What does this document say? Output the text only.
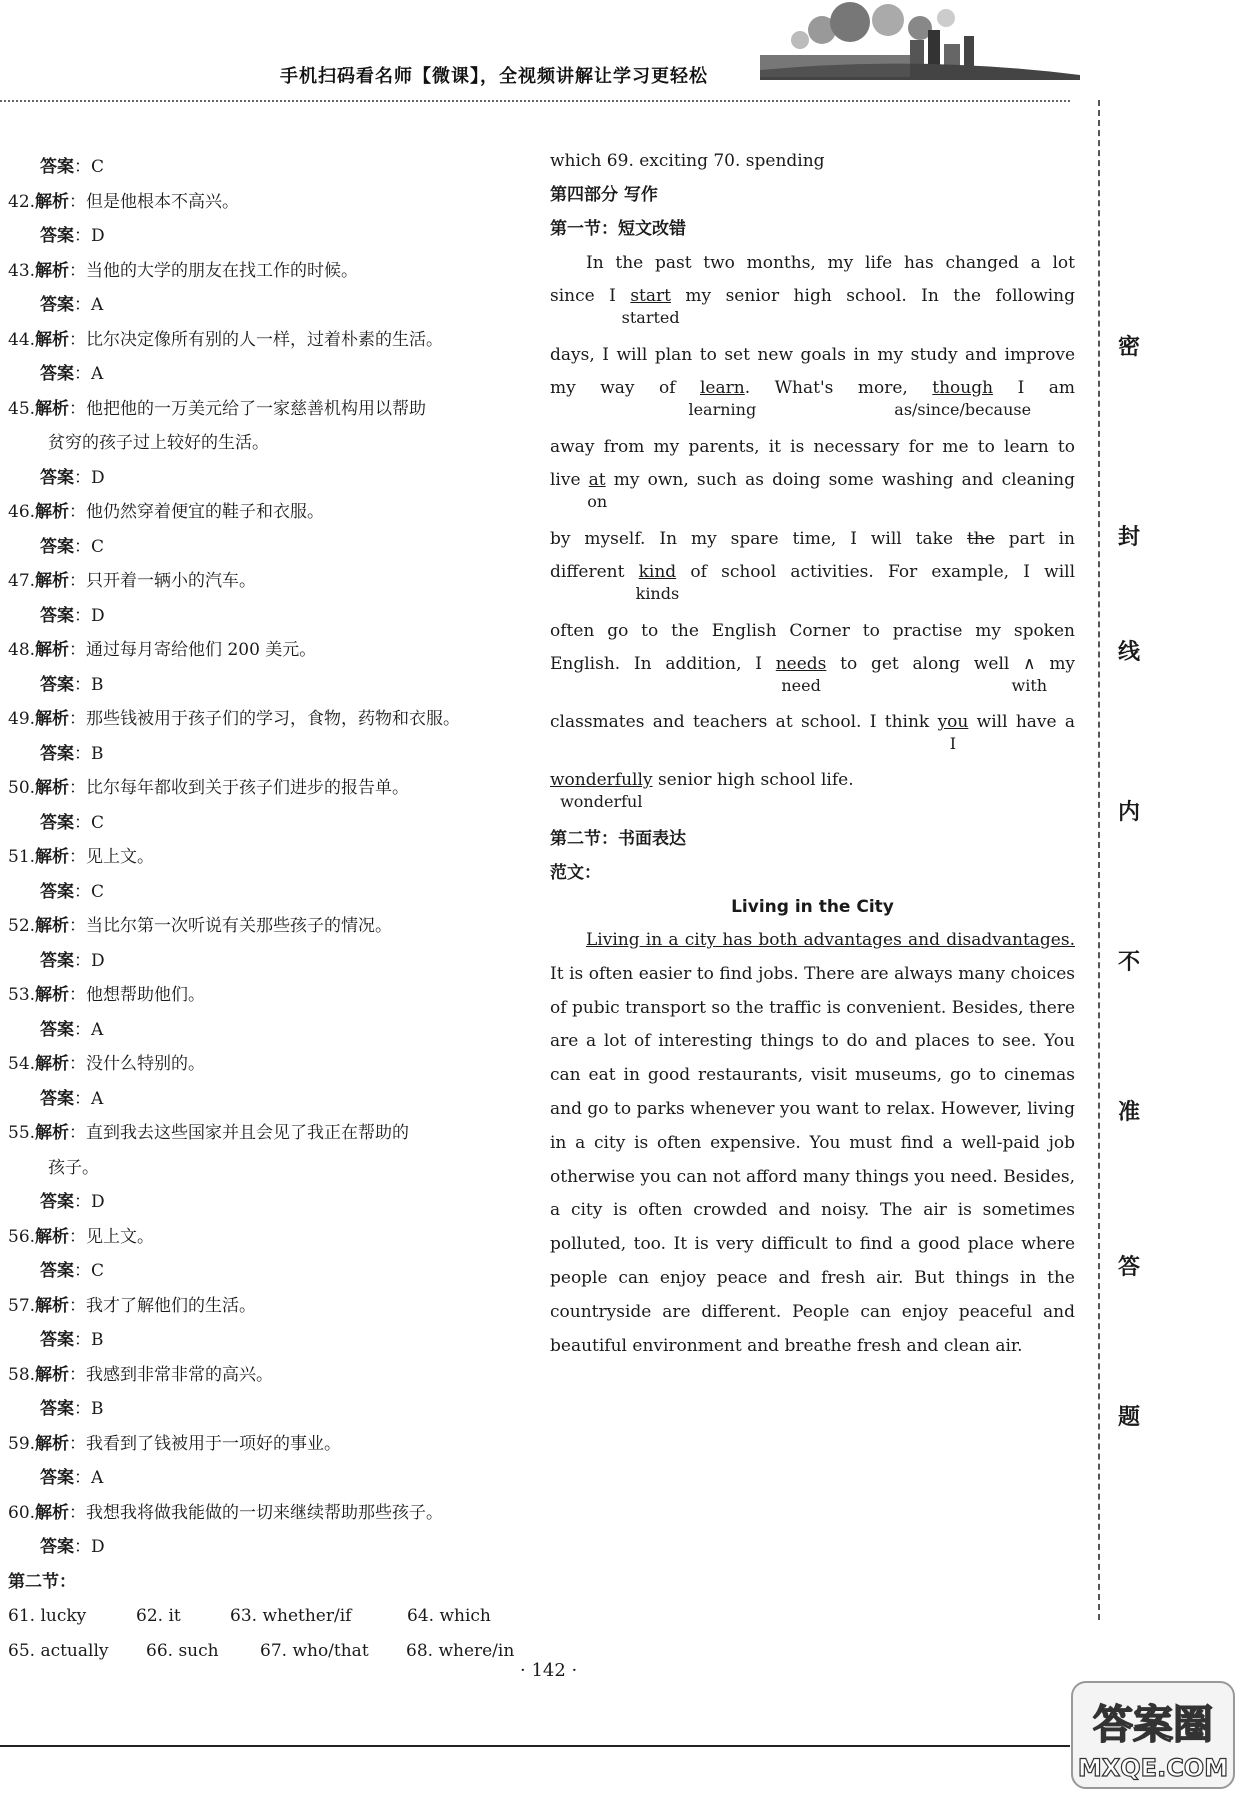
手机扫码看名师【微课】，全视频讲解让学习更轻松
答案：C
42.解析：但是他根本不高兴。
答案：D
43.解析：当他的大学的朋友在找工作的时候。
答案：A
44.解析：比尔决定像所有别的人一样，过着朴素的生活。
答案：A
45.解析：他把他的一万美元给了一家慈善机构用以帮助
贫穷的孩子过上较好的生活。
答案：D
46.解析：他仍然穿着便宜的鞋子和衣服。
答案：C
47.解析：只开着一辆小的汽车。
答案：D
48.解析：通过每月寄给他们 200 美元。
答案：B
49.解析：那些钱被用于孩子们的学习，食物，药物和衣服。
答案：B
50.解析：比尔每年都收到关于孩子们进步的报告单。
答案：C
51.解析：见上文。
答案：C
52.解析：当比尔第一次听说有关那些孩子的情况。
答案：D
53.解析：他想帮助他们。
答案：A
54.解析：没什么特别的。
答案：A
55.解析：直到我去这些国家并且会见了我正在帮助的
孩子。
答案：D
56.解析：见上文。
答案：C
57.解析：我才了解他们的生活。
答案：B
58.解析：我感到非常非常的高兴。
答案：B
59.解析：我看到了钱被用于一项好的事业。
答案：A
60.解析：我想我将做我能做的一切来继续帮助那些孩子。
答案：D
第二节：
61. lucky	62. it	63. whether/if	64. which
65. actually	66. such	67. who/that	68. where/in

which 69. exciting 70. spending

第四部分 写作

第一节：短文改错

In the past two months, my life has changed a lot

since I start
started
my senior high school. In the following

days, I will plan to set new goals in my study and improve

my way of learn
learning
. What's more, though
as/since/because
I am

away from my parents, it is necessary for me to learn to

live $\frac{at}{on}$ my own, such as doing some washing and cleaning

by myself. In my spare time, I will take the part in

different kind
kinds
of school activities. For example, I will

often go to the English Corner to practise my spoken

English. In addition, I needs
need
to get along well ∧
with
my
classmates and teachers at school. I think you
I
will have a
wonderfully
wonderful
senior high school life.

第二节：书面表达

范文：

Living in the City

Living in a city has both advantages and disadvantages. It is often easier to find jobs. There are always many choices of pubic transport so the traffic is convenient. Besides, there are a lot of interesting things to do and places to see. You can eat in good restaurants, visit museums, go to cinemas and go to parks whenever you want to relax. However, living in a city is often expensive. You must find a well-paid job otherwise you can not afford many things you need. Besides, a city is often crowded and noisy. The air is sometimes polluted, too. It is very difficult to find a good place where people can enjoy peace and fresh air. But things in the countryside are different. People can enjoy peaceful and beautiful environment and breathe fresh and clean air.

密
封
线
内
不
准
答
题
· 142 ·
答案圈
MXQE.COM
